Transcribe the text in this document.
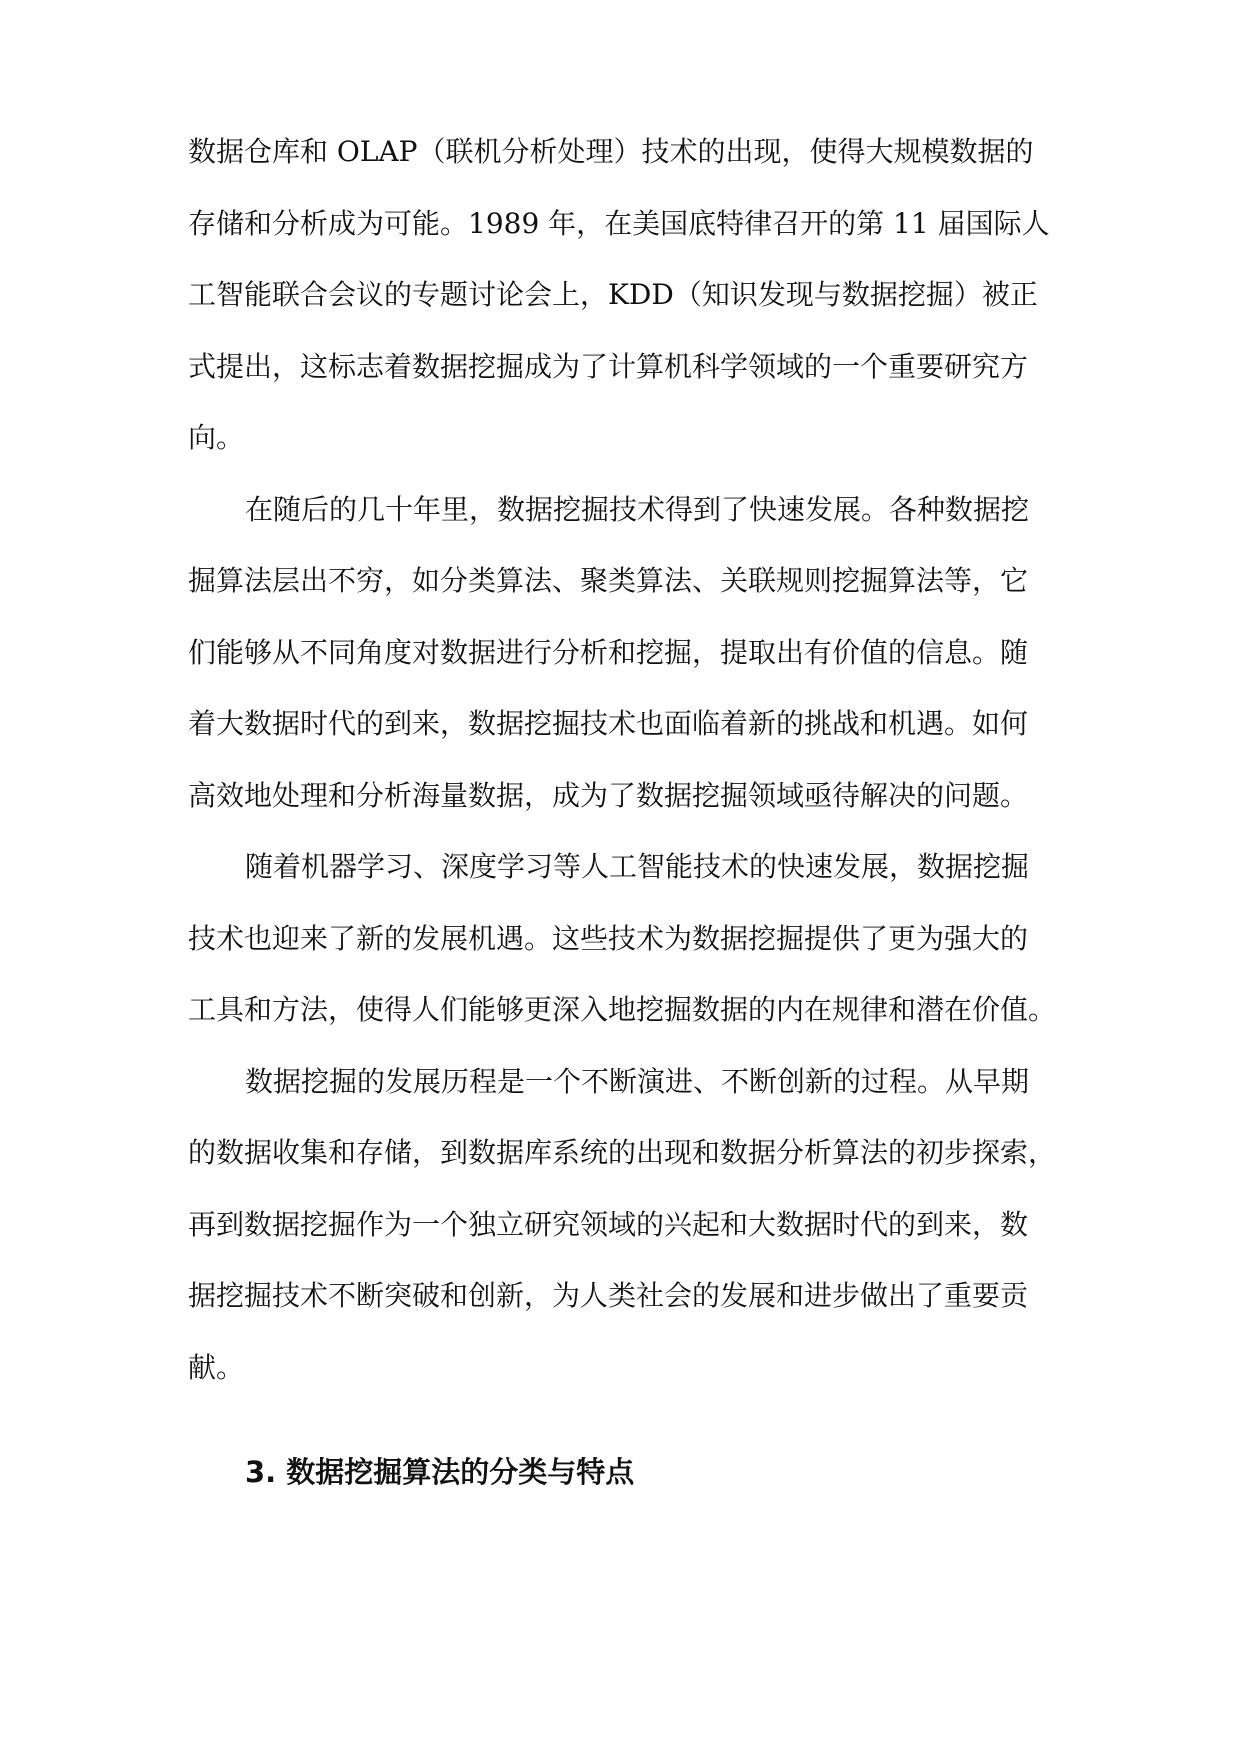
数据仓库和 OLAP（联机分析处理）技术的出现，使得大规模数据的
存储和分析成为可能。1989 年，在美国底特律召开的第 11 届国际人
工智能联合会议的专题讨论会上，KDD（知识发现与数据挖掘）被正
式提出，这标志着数据挖掘成为了计算机科学领域的一个重要研究方
向。
在随后的几十年里，数据挖掘技术得到了快速发展。各种数据挖
掘算法层出不穷，如分类算法、聚类算法、关联规则挖掘算法等，它
们能够从不同角度对数据进行分析和挖掘，提取出有价值的信息。随
着大数据时代的到来，数据挖掘技术也面临着新的挑战和机遇。如何
高效地处理和分析海量数据，成为了数据挖掘领域亟待解决的问题。
随着机器学习、深度学习等人工智能技术的快速发展，数据挖掘
技术也迎来了新的发展机遇。这些技术为数据挖掘提供了更为强大的
工具和方法，使得人们能够更深入地挖掘数据的内在规律和潜在价值。
数据挖掘的发展历程是一个不断演进、不断创新的过程。从早期
的数据收集和存储，到数据库系统的出现和数据分析算法的初步探索，
再到数据挖掘作为一个独立研究领域的兴起和大数据时代的到来，数
据挖掘技术不断突破和创新，为人类社会的发展和进步做出了重要贡
献。
3. 数据挖掘算法的分类与特点
